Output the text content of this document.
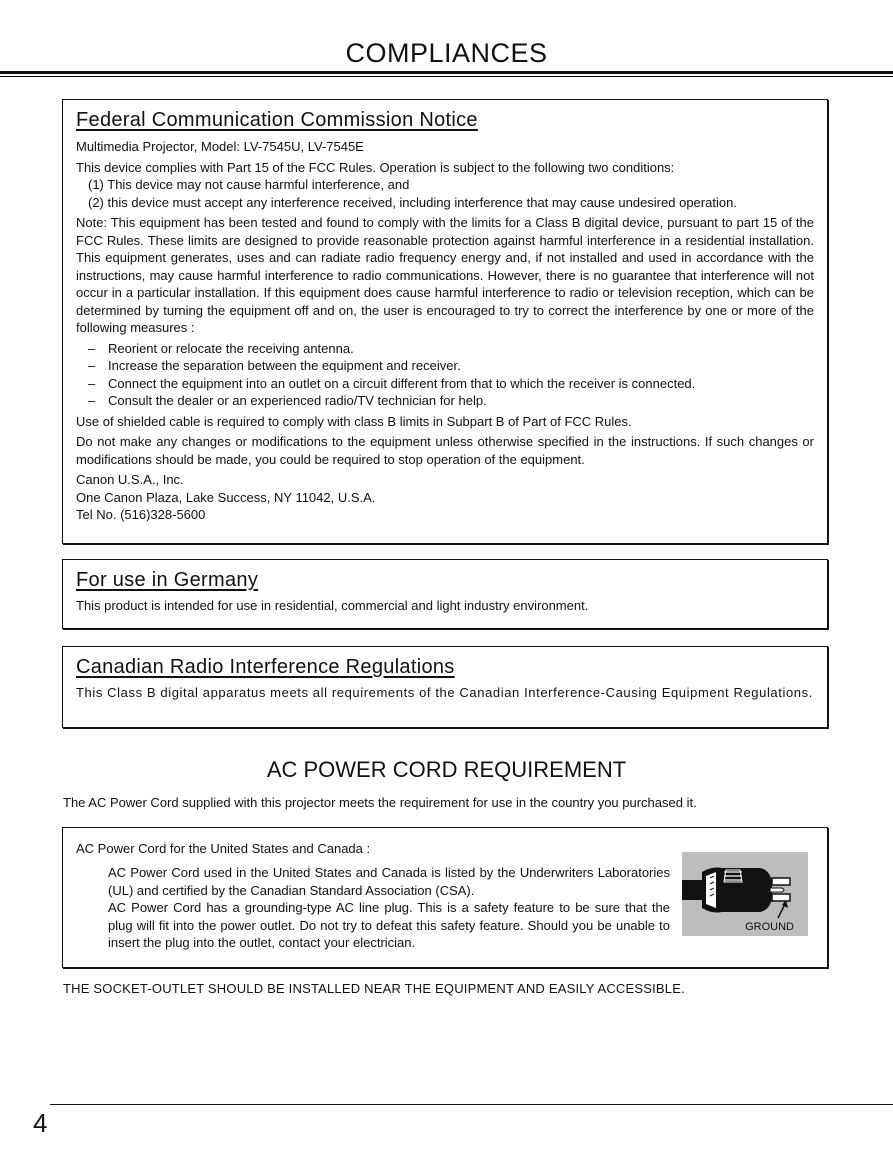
COMPLIANCES
Federal Communication Commission Notice

Multimedia Projector, Model: LV-7545U, LV-7545E

This device complies with Part 15 of the FCC Rules. Operation is subject to the following two conditions:

(1) This device may not cause harmful interference, and

(2) this device must accept any interference received, including interference that may cause undesired operation.

Note: This equipment has been tested and found to comply with the limits for a Class B digital device, pursuant to part 15 of the FCC Rules. These limits are designed to provide reasonable protection against harmful interference in a residential installation. This equipment generates, uses and can radiate radio frequency energy and, if not installed and used in accordance with the instructions, may cause harmful interference to radio communications. However, there is no guarantee that interference will not occur in a particular installation. If this equipment does cause harmful interference to radio or television reception, which can be determined by turning the equipment off and on, the user is encouraged to try to correct the interference by one or more of the following measures :

– Reorient or relocate the receiving antenna.
– Increase the separation between the equipment and receiver.
– Connect the equipment into an outlet on a circuit different from that to which the receiver is connected.
– Consult the dealer or an experienced radio/TV technician for help.

Use of shielded cable is required to comply with class B limits in Subpart B of Part of FCC Rules.

Do not make any changes or modifications to the equipment unless otherwise specified in the instructions. If such changes or modifications should be made, you could be required to stop operation of the equipment.

Canon U.S.A., Inc.

One Canon Plaza, Lake Success, NY 11042, U.S.A.

Tel No. (516)328-5600

For use in Germany

This product is intended for use in residential, commercial and light industry environment.

Canadian Radio Interference Regulations

This Class B digital apparatus meets all requirements of the Canadian Interference-Causing Equipment Regulations.

AC POWER CORD REQUIREMENT

The AC Power Cord supplied with this projector meets the requirement for use in the country you purchased it.

AC Power Cord for the United States and Canada :

AC Power Cord used in the United States and Canada is listed by the Underwriters Laboratories (UL) and certified by the Canadian Standard Association (CSA).

AC Power Cord has a grounding-type AC line plug. This is a safety feature to be sure that the plug will fit into the power outlet. Do not try to defeat this safety feature. Should you be unable to insert the plug into the outlet, contact your electrician.

GROUND

THE SOCKET-OUTLET SHOULD BE INSTALLED NEAR THE EQUIPMENT AND EASILY ACCESSIBLE.

4
